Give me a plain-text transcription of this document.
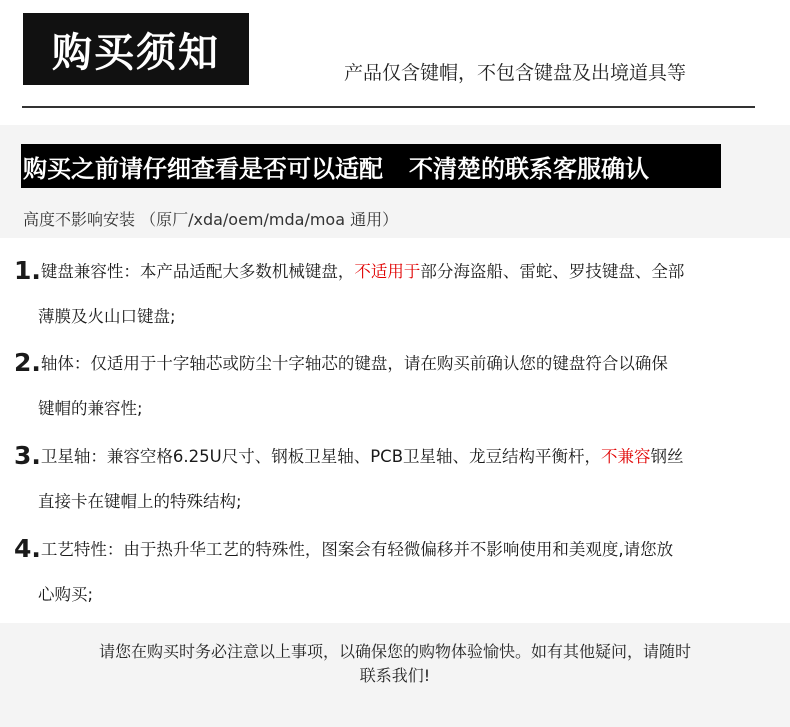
购买须知	产品仅含键帽，不包含键盘及出境道具等
购买之前请仔细查看是否可以适配 不清楚的联系客服确认
高度不影响安装 （原厂/xda/oem/mda/moa 通用）
1.键盘兼容性：本产品适配大多数机械键盘，不适用于部分海盗船、雷蛇、罗技键盘、全部
薄膜及火山口键盘;
2.轴体：仅适用于十字轴芯或防尘十字轴芯的键盘，请在购买前确认您的键盘符合以确保
键帽的兼容性;
3.卫星轴：兼容空格6.25U尺寸、钢板卫星轴、PCB卫星轴、龙豆结构平衡杆，不兼容钢丝
直接卡在键帽上的特殊结构;
4.工艺特性：由于热升华工艺的特殊性，图案会有轻微偏移并不影响使用和美观度,请您放
心购买;
请您在购买时务必注意以上事项，以确保您的购物体验愉快。如有其他疑问，请随时
联系我们!
